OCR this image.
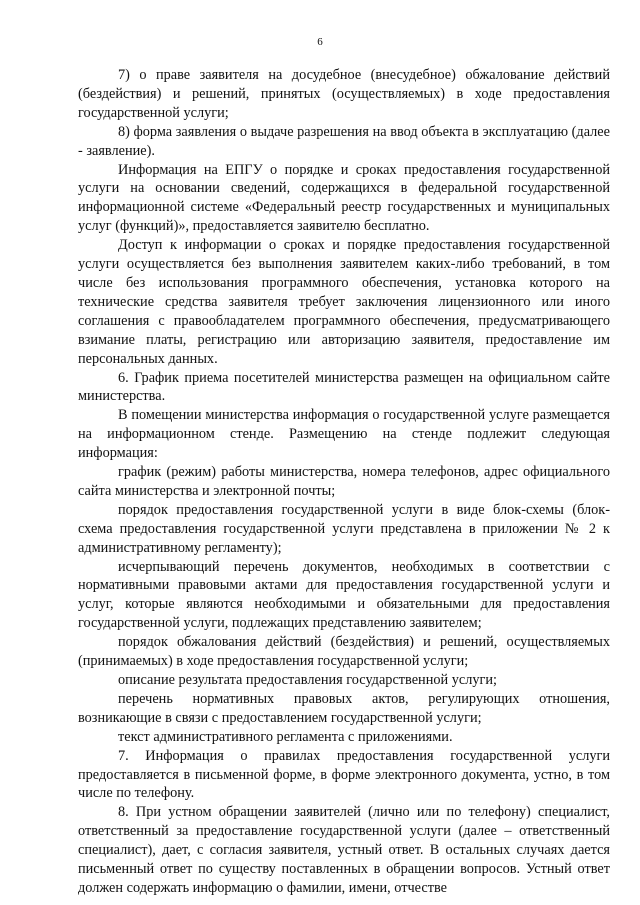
6

7) о праве заявителя на досудебное (внесудебное) обжалование действий (бездействия) и решений, принятых (осуществляемых) в ходе предоставления государственной услуги;

8) форма заявления о выдаче разрешения на ввод объекта в эксплуатацию (далее - заявление).

Информация на ЕПГУ о порядке и сроках предоставления государственной услуги на основании сведений, содержащихся в федеральной государственной информационной системе «Федеральный реестр государственных и муниципальных услуг (функций)», предоставляется заявителю бесплатно.

Доступ к информации о сроках и порядке предоставления государственной услуги осуществляется без выполнения заявителем каких-либо требований, в том числе без использования программного обеспечения, установка которого на технические средства заявителя требует заключения лицензионного или иного соглашения с правообладателем программного обеспечения, предусматривающего взимание платы, регистрацию или авторизацию заявителя, предоставление им персональных данных.

6. График приема посетителей министерства размещен на официальном сайте министерства.

В помещении министерства информация о государственной услуге размещается на информационном стенде. Размещению на стенде подлежит следующая информация:

график (режим) работы министерства, номера телефонов, адрес официального сайта министерства и электронной почты;

порядок предоставления государственной услуги в виде блок-схемы (блок-схема предоставления государственной услуги представлена в приложении № 2 к административному регламенту);

исчерпывающий перечень документов, необходимых в соответствии с нормативными правовыми актами для предоставления государственной услуги и услуг, которые являются необходимыми и обязательными для предоставления государственной услуги, подлежащих представлению заявителем;

порядок обжалования действий (бездействия) и решений, осуществляемых (принимаемых) в ходе предоставления государственной услуги;

описание результата предоставления государственной услуги;

перечень нормативных правовых актов, регулирующих отношения, возникающие в связи с предоставлением государственной услуги;

текст административного регламента с приложениями.

7. Информация о правилах предоставления государственной услуги предоставляется в письменной форме, в форме электронного документа, устно, в том числе по телефону.

8. При устном обращении заявителей (лично или по телефону) специалист, ответственный за предоставление государственной услуги (далее – ответственный специалист), дает, с согласия заявителя, устный ответ. В остальных случаях дается письменный ответ по существу поставленных в обращении вопросов. Устный ответ должен содержать информацию о фамилии, имени, отчестве
